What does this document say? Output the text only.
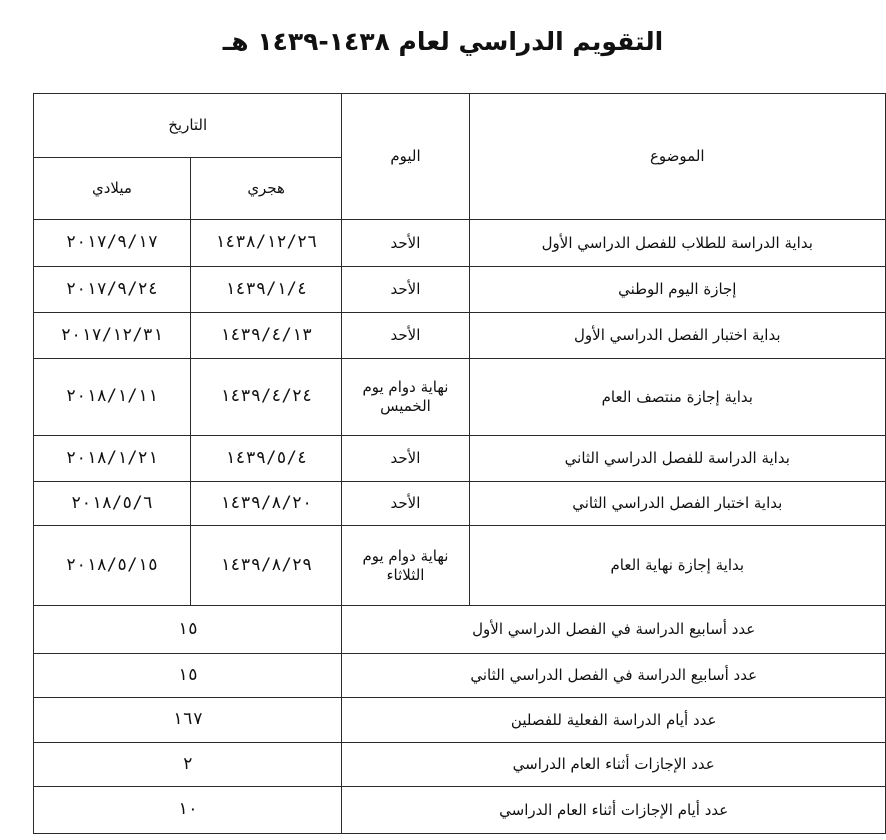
التقويم الدراسي لعام ١٤٣٨-١٤٣٩ هـ
الموضوع	اليوم	التاريخ	
		هجري	ميلادي
بداية الدراسة للطلاب للفصل الدراسي الأول	الأحد	١٤٣٨/١٢/٢٦	٢٠١٧/٩/١٧
إجازة اليوم الوطني	الأحد	١٤٣٩/١/٤	٢٠١٧/٩/٢٤
بداية اختبار الفصل الدراسي الأول	الأحد	١٤٣٩/٤/١٣	٢٠١٧/١٢/٣١
بداية إجازة منتصف العام	نهاية دوام يوم الخميس	١٤٣٩/٤/٢٤	٢٠١٨/١/١١
بداية الدراسة للفصل الدراسي الثاني	الأحد	١٤٣٩/٥/٤	٢٠١٨/١/٢١
بداية اختبار الفصل الدراسي الثاني	الأحد	١٤٣٩/٨/٢٠	٢٠١٨/٥/٦
بداية إجازة نهاية العام	نهاية دوام يوم الثلاثاء	١٤٣٩/٨/٢٩	٢٠١٨/٥/١٥
عدد أسابيع الدراسة في الفصل الدراسي الأول		١٥	
عدد أسابيع الدراسة في الفصل الدراسي الثاني		١٥	
عدد أيام الدراسة الفعلية للفصلين		١٦٧	
عدد الإجازات أثناء العام الدراسي		٢	
عدد أيام الإجازات أثناء العام الدراسي		١٠	
